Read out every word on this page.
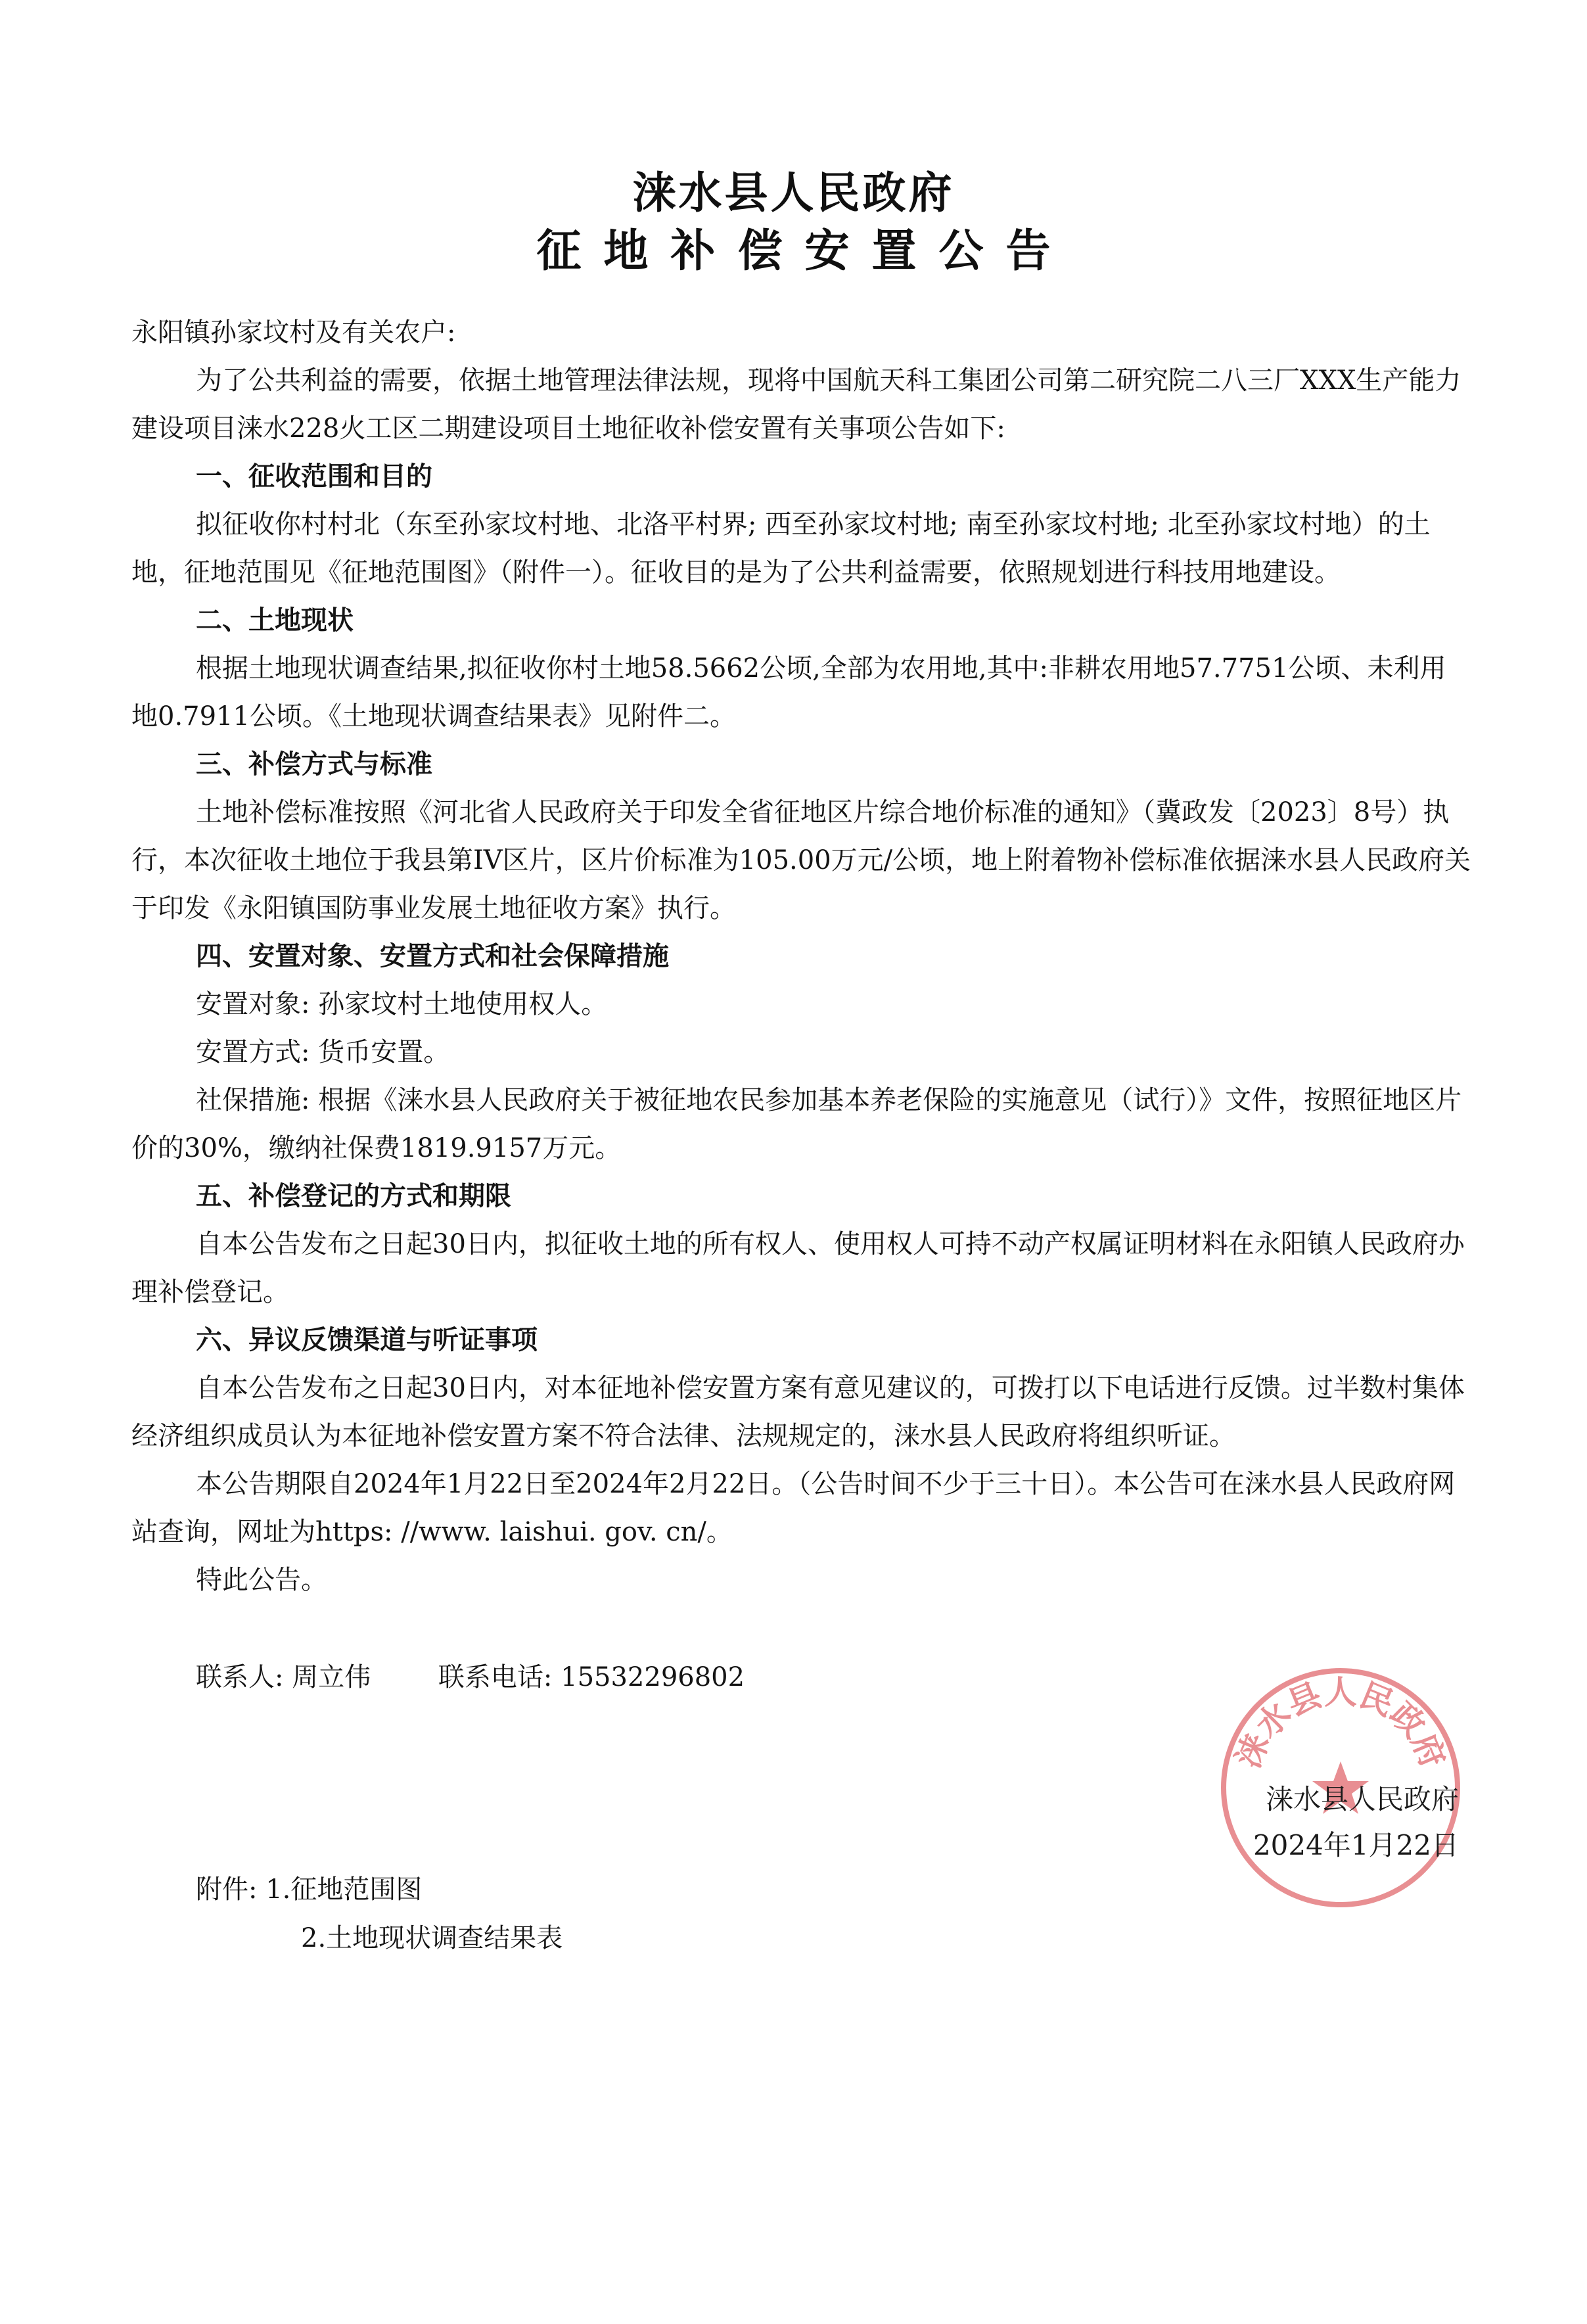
涞水县人民政府
征地补偿安置公告

永阳镇孙家坟村及有关农户:

为了公共利益的需要，依据土地管理法律法规，现将中国航天科工集团公司第二研究院二八三厂XXX生产能力建设项目涞水228火工区二期建设项目土地征收补偿安置有关事项公告如下:

一、征收范围和目的

拟征收你村村北（东至孙家坟村地、北洛平村界; 西至孙家坟村地; 南至孙家坟村地; 北至孙家坟村地）的土地，征地范围见《征地范围图》（附件一）。征收目的是为了公共利益需要，依照规划进行科技用地建设。

二、土地现状

根据土地现状调查结果,拟征收你村土地58.5662公顷,全部为农用地,其中:非耕农用地57.7751公顷、未利用地0.7911公顷。《土地现状调查结果表》见附件二。

三、补偿方式与标准

土地补偿标准按照《河北省人民政府关于印发全省征地区片综合地价标准的通知》（冀政发〔2023〕8号）执行，本次征收土地位于我县第IV区片，区片价标准为105.00万元/公顷，地上附着物补偿标准依据涞水县人民政府关于印发《永阳镇国防事业发展土地征收方案》执行。

四、安置对象、安置方式和社会保障措施

安置对象: 孙家坟村土地使用权人。

安置方式: 货币安置。

社保措施: 根据《涞水县人民政府关于被征地农民参加基本养老保险的实施意见（试行）》文件，按照征地区片价的30%，缴纳社保费1819.9157万元。

五、补偿登记的方式和期限

自本公告发布之日起30日内，拟征收土地的所有权人、使用权人可持不动产权属证明材料在永阳镇人民政府办理补偿登记。

六、异议反馈渠道与听证事项

自本公告发布之日起30日内，对本征地补偿安置方案有意见建议的，可拨打以下电话进行反馈。过半数村集体经济组织成员认为本征地补偿安置方案不符合法律、法规规定的，涞水县人民政府将组织听证。

本公告期限自2024年1月22日至2024年2月22日。（公告时间不少于三十日）。本公告可在涞水县人民政府网站查询，网址为https: //www. laishui. gov. cn/。

特此公告。

联系人: 周立伟	联系电话: 15532296802
涞水县人民政府
涞水县人民政府
2024年1月22日
附件: 1.征地范围图
2.土地现状调查结果表
